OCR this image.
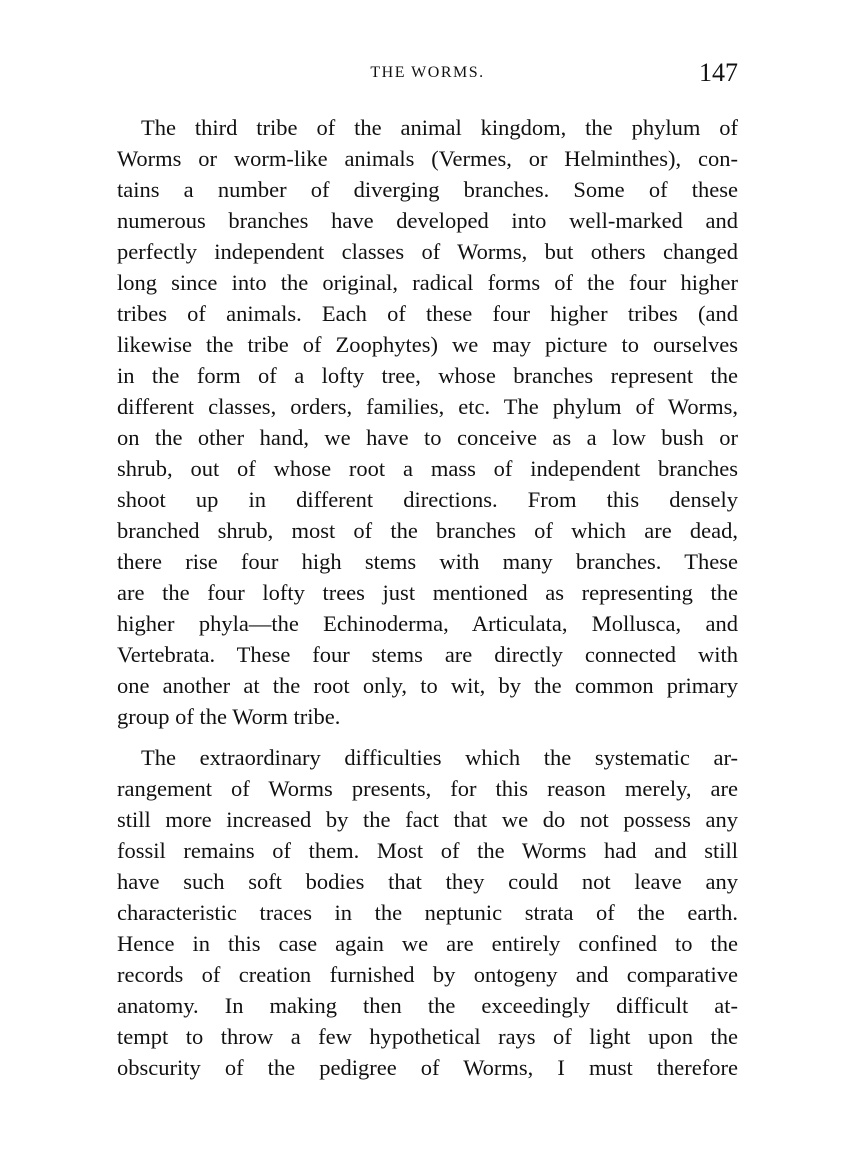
THE WORMS.	147
The third tribe of the animal kingdom, the phylum of
Worms or worm-like animals (Vermes, or Helminthes), con-
tains a number of diverging branches. Some of these
numerous branches have developed into well-marked and
perfectly independent classes of Worms, but others changed
long since into the original, radical forms of the four higher
tribes of animals. Each of these four higher tribes (and
likewise the tribe of Zoophytes) we may picture to ourselves
in the form of a lofty tree, whose branches represent the
different classes, orders, families, etc. The phylum of Worms,
on the other hand, we have to conceive as a low bush or
shrub, out of whose root a mass of independent branches
shoot up in different directions. From this densely
branched shrub, most of the branches of which are dead,
there rise four high stems with many branches. These
are the four lofty trees just mentioned as representing the
higher phyla—the Echinoderma, Articulata, Mollusca, and
Vertebrata. These four stems are directly connected with
one another at the root only, to wit, by the common primary
group of the Worm tribe.
The extraordinary difficulties which the systematic ar-
rangement of Worms presents, for this reason merely, are
still more increased by the fact that we do not possess any
fossil remains of them. Most of the Worms had and still
have such soft bodies that they could not leave any
characteristic traces in the neptunic strata of the earth.
Hence in this case again we are entirely confined to the
records of creation furnished by ontogeny and comparative
anatomy. In making then the exceedingly difficult at-
tempt to throw a few hypothetical rays of light upon the
obscurity of the pedigree of Worms, I must therefore
